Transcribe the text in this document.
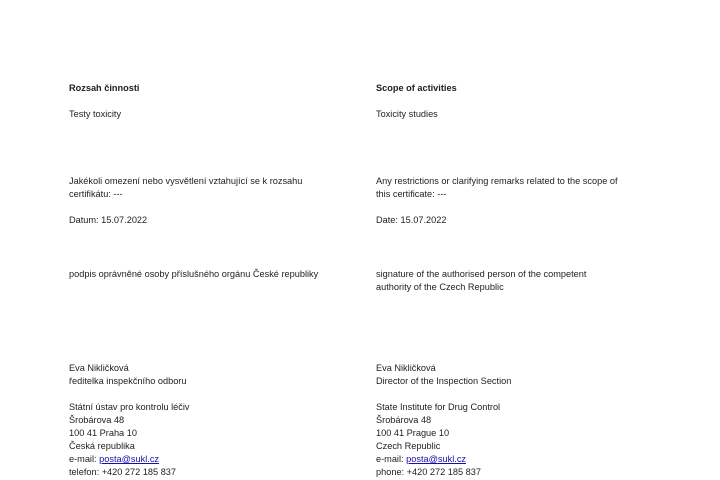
Rozsah činnosti
Testy toxicity
Jakékoli omezení nebo vysvětlení vztahující se k rozsahu
certifikátu: ---
Datum: 15.07.2022
podpis oprávněné osoby příslušného orgánu České republiky
Eva Nikličková
ředitelka inspekčního odboru
Státní ústav pro kontrolu léčiv
Šrobárova 48
100 41 Praha 10
Česká republika
e-mail: posta@sukl.cz
telefon: +420 272 185 837
Scope of activities
Toxicity studies
Any restrictions or clarifying remarks related to the scope of
this certificate: ---
Date: 15.07.2022
signature of the authorised person of the competent
authority of the Czech Republic
Eva Nikličková
Director of the Inspection Section
State Institute for Drug Control
Šrobárova 48
100 41 Prague 10
Czech Republic
e-mail: posta@sukl.cz
phone: +420 272 185 837
